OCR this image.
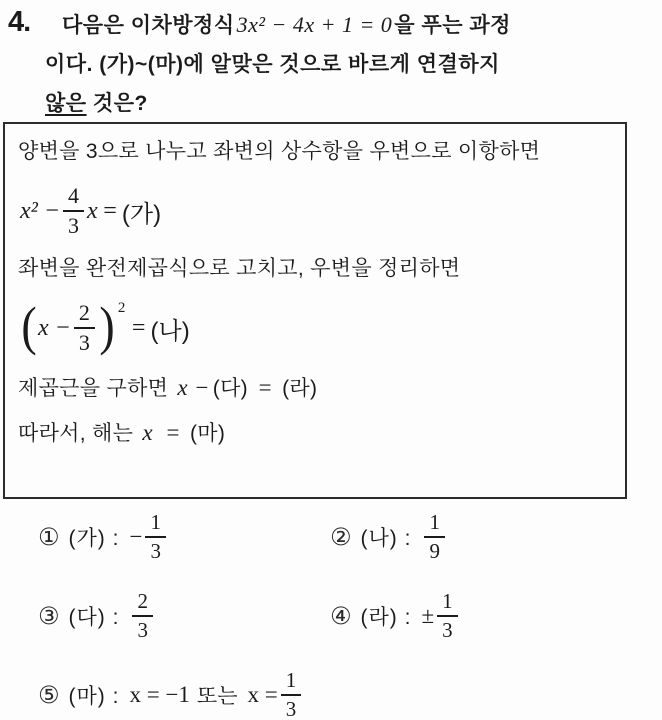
4.	다음은 이차방정식3x² − 4x + 1 = 0을 푸는 과정
이다. (가)~(마)에 알맞은 것으로 바르게 연결하지
않은 것은?
양변을 3으로 나누고 좌변의 상수항을 우변으로 이항하면
$x^2 - \frac{4}{3}$ x = (가)
좌변을 완전제곱식으로 고치고, 우변을 정리하면
( $x - \frac{2}{3}$ ) 2
= (나)
제곱근을 구하면 x − (다) = (라)
따라서, 해는 x = (마)
① (가) : − $\frac{1}{3}$	② (나) : $\frac{1}{9}$
③ (다) : $\frac{2}{3}$	④ (라) : ± $\frac{1}{3}$
⑤ (마) : x = −1 또는 $x = \frac{1}{3}$
